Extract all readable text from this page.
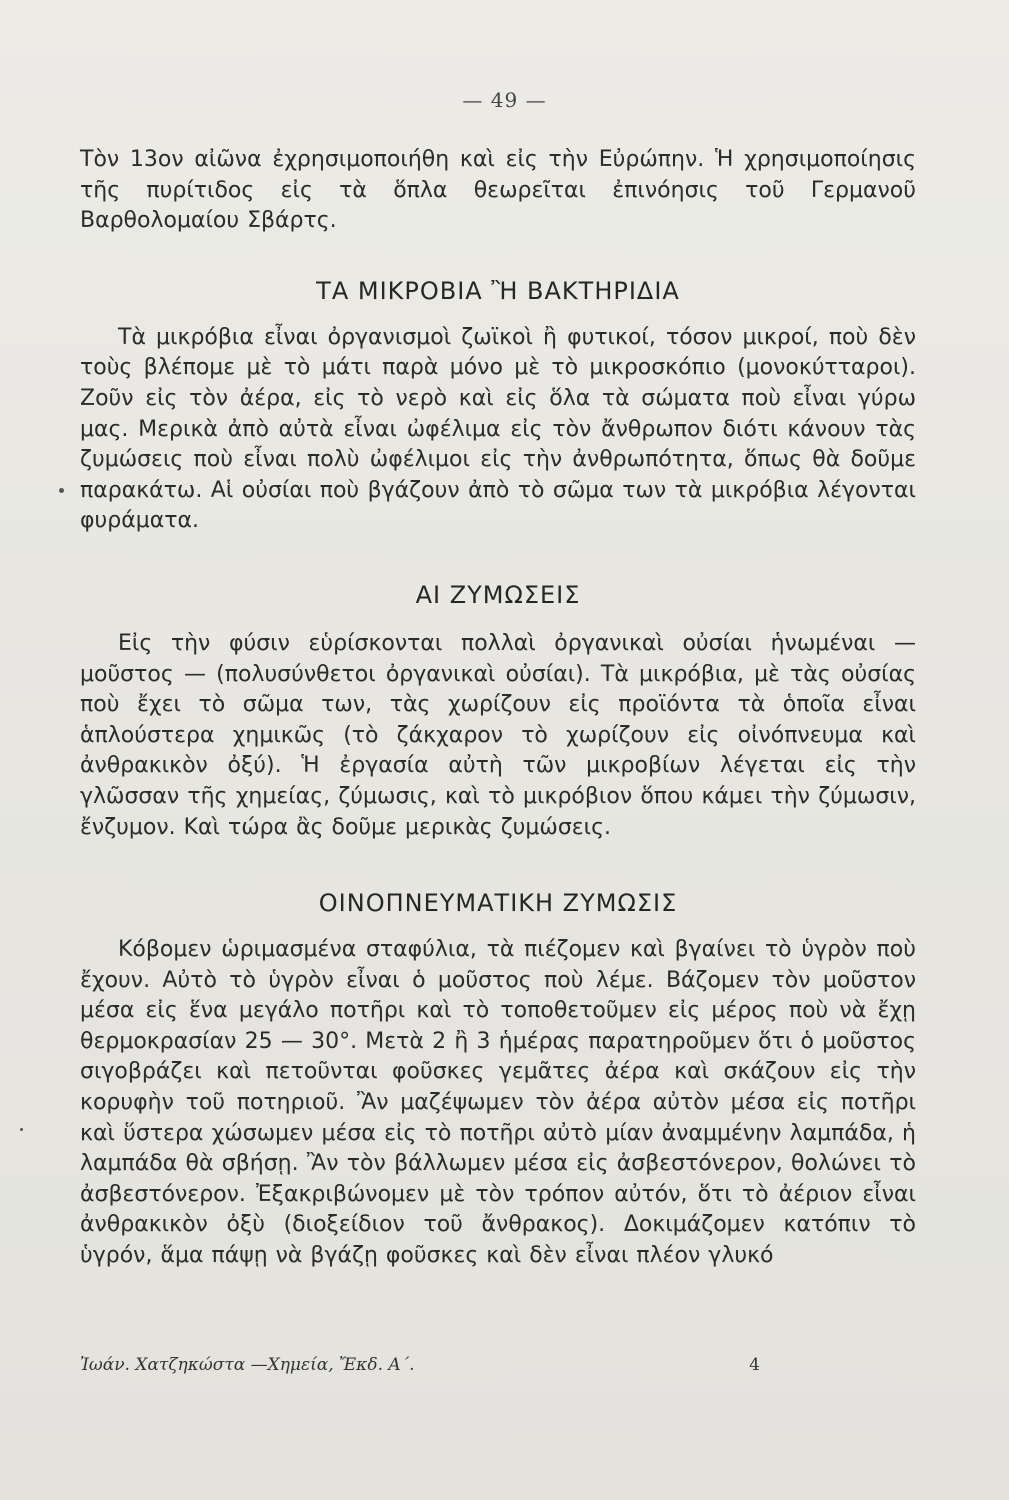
— 49 —

Τὸν 13ον αἰῶνα ἐχρησιμοποιήθη καὶ εἰς τὴν Εὐρώπην. Ἡ χρησιμοποίησις τῆς πυρίτιδος εἰς τὰ ὅπλα θεωρεῖται ἐπινόησις τοῦ Γερμανοῦ Βαρθολομαίου Σβάρτς.

ΤΑ ΜΙΚΡΟΒΙΑ Ἢ ΒΑΚΤΗΡΙΔΙΑ

Τὰ μικρόβια εἶναι ὀργανισμοὶ ζωϊκοὶ ἢ φυτικοί, τόσον μικροί, ποὺ δὲν τοὺς βλέπομε μὲ τὸ μάτι παρὰ μόνο μὲ τὸ μικροσκόπιο (μονοκύτταροι). Ζοῦν εἰς τὸν ἀέρα, εἰς τὸ νερὸ καὶ εἰς ὅλα τὰ σώματα ποὺ εἶναι γύρω μας. Μερικὰ ἀπὸ αὐτὰ εἶναι ὠφέλιμα εἰς τὸν ἄνθρωπον διότι κάνουν τὰς ζυμώσεις ποὺ εἶναι πολὺ ὠφέλιμοι εἰς τὴν ἀνθρωπότητα, ὅπως θὰ δοῦμε παρακάτω. Αἱ οὐσίαι ποὺ βγάζουν ἀπὸ τὸ σῶμα των τὰ μικρόβια λέγονται φυράματα.

ΑΙ ΖΥΜΩΣΕΙΣ

Εἰς τὴν φύσιν εὑρίσκονται πολλαὶ ὀργανικαὶ οὐσίαι ἡνωμέναι — μοῦστος — (πολυσύνθετοι ὀργανικαὶ οὐσίαι). Τὰ μικρόβια, μὲ τὰς οὐσίας ποὺ ἔχει τὸ σῶμα των, τὰς χωρίζουν εἰς προϊόντα τὰ ὁποῖα εἶναι ἁπλούστερα χημικῶς (τὸ ζάκχαρον τὸ χωρίζουν εἰς οἰνόπνευμα καὶ ἀνθρακικὸν ὀξύ). Ἡ ἐργασία αὐτὴ τῶν μικροβίων λέγεται εἰς τὴν γλῶσσαν τῆς χημείας, ζύμωσις, καὶ τὸ μικρόβιον ὅπου κάμει τὴν ζύμωσιν, ἔνζυμον. Καὶ τώρα ἂς δοῦμε μερικὰς ζυμώσεις.

ΟΙΝΟΠΝΕΥΜΑΤΙΚΗ ΖΥΜΩΣΙΣ

Κόβομεν ὡριμασμένα σταφύλια, τὰ πιέζομεν καὶ βγαίνει τὸ ὑγρὸν ποὺ ἔχουν. Αὐτὸ τὸ ὑγρὸν εἶναι ὁ μοῦστος ποὺ λέμε. Βάζομεν τὸν μοῦστον μέσα εἰς ἕνα μεγάλο ποτῆρι καὶ τὸ τοποθετοῦμεν εἰς μέρος ποὺ νὰ ἔχῃ θερμοκρασίαν 25 — 30°. Μετὰ 2 ἢ 3 ἡμέρας παρατηροῦμεν ὅτι ὁ μοῦστος σιγοβράζει καὶ πετοῦνται φοῦσκες γεμᾶτες ἀέρα καὶ σκάζουν εἰς τὴν κορυφὴν τοῦ ποτηριοῦ. Ἂν μαζέψωμεν τὸν ἀέρα αὐτὸν μέσα εἰς ποτῆρι καὶ ὕστερα χώσωμεν μέσα εἰς τὸ ποτῆρι αὐτὸ μίαν ἀναμμένην λαμπάδα, ἡ λαμπάδα θὰ σβήσῃ. Ἂν τὸν βάλλωμεν μέσα εἰς ἀσβεστόνερον, θολώνει τὸ ἀσβεστόνερον. Ἐξακριβώνομεν μὲ τὸν τρόπον αὐτόν, ὅτι τὸ ἀέριον εἶναι ἀνθρακικὸν ὀξὺ (διοξείδιον τοῦ ἄνθρακος). Δοκιμάζομεν κατόπιν τὸ ὑγρόν, ἅμα πάψῃ νὰ βγάζῃ φοῦσκες καὶ δὲν εἶναι πλέον γλυκό

Ἰωάν. Χατζηκώστα —Χημεία, Ἔκδ. Α΄.	4
